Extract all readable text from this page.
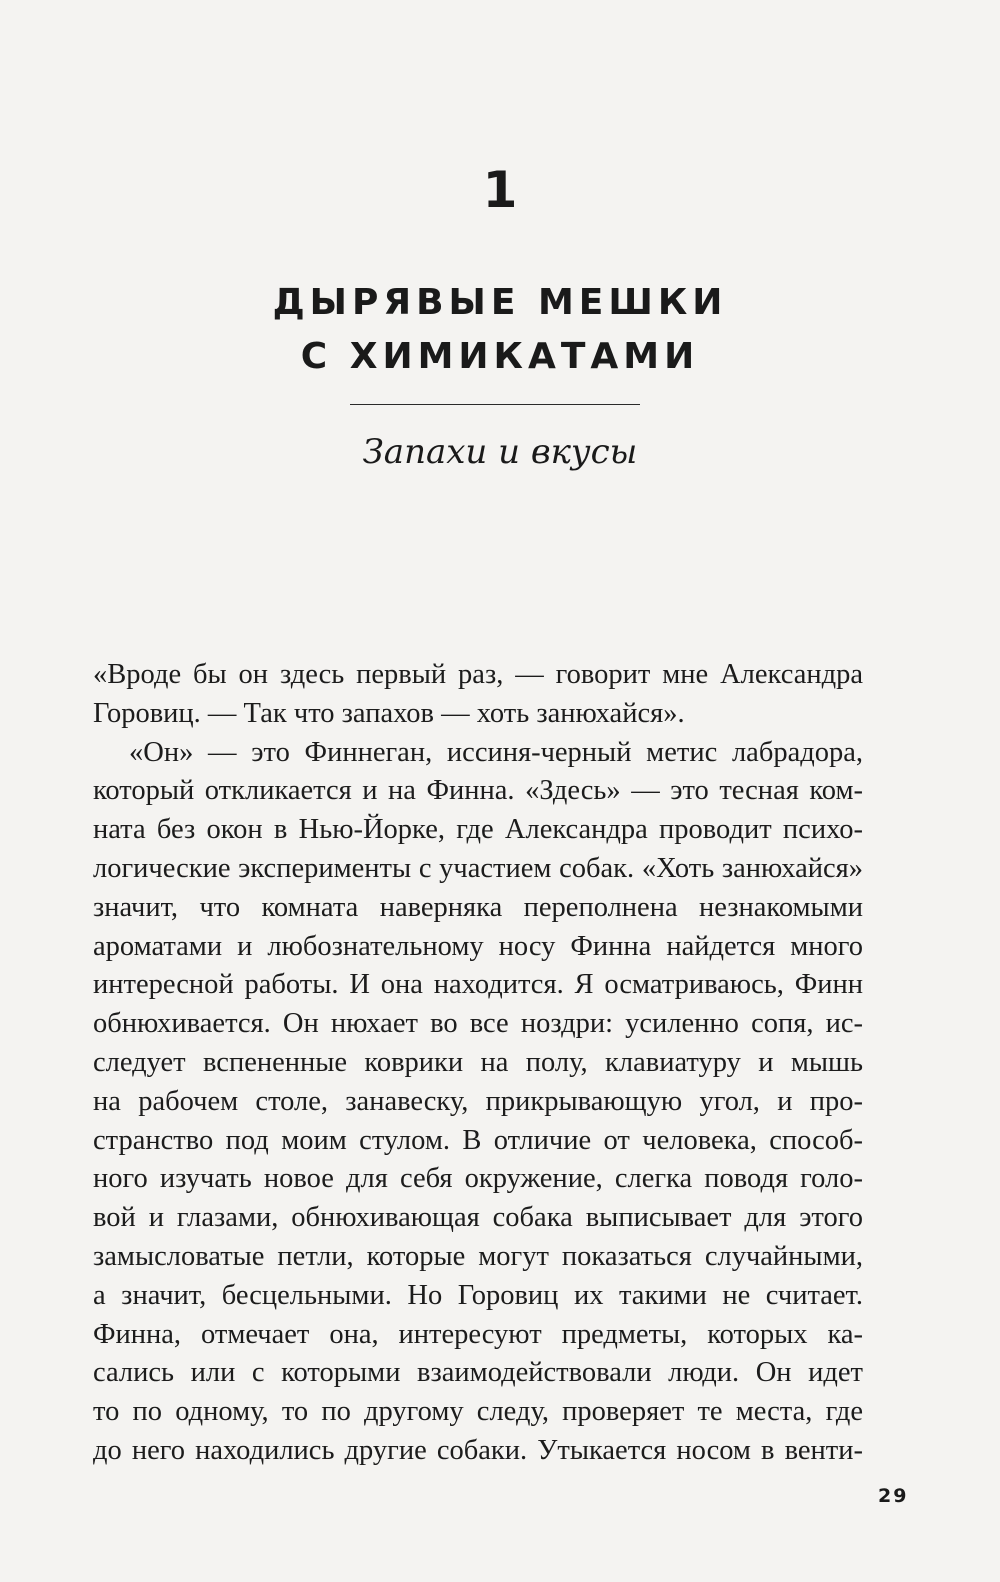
1
ДЫРЯВЫЕ МЕШКИ
С ХИМИКАТАМИ
Запахи и вкусы
«Вроде бы он здесь первый раз, — говорит мне Александра
Горовиц. — Так что запахов — хоть занюхайся».
«Он» — это Финнеган, иссиня-черный метис лабрадора,
который откликается и на Финна. «Здесь» — это тесная ком-
ната без окон в Нью-Йорке, где Александра проводит психо-
логические эксперименты с участием собак. «Хоть занюхайся»
значит, что комната наверняка переполнена незнакомыми
ароматами и любознательному носу Финна найдется много
интересной работы. И она находится. Я осматриваюсь, Финн
обнюхивается. Он нюхает во все ноздри: усиленно сопя, ис-
следует вспененные коврики на полу, клавиатуру и мышь
на рабочем столе, занавеску, прикрывающую угол, и про-
странство под моим стулом. В отличие от человека, способ-
ного изучать новое для себя окружение, слегка поводя голо-
вой и глазами, обнюхивающая собака выписывает для этого
замысловатые петли, которые могут показаться случайными,
а значит, бесцельными. Но Горовиц их такими не считает.
Финна, отмечает она, интересуют предметы, которых ка-
сались или с которыми взаимодействовали люди. Он идет
то по одному, то по другому следу, проверяет те места, где
до него находились другие собаки. Утыкается носом в венти-
29
